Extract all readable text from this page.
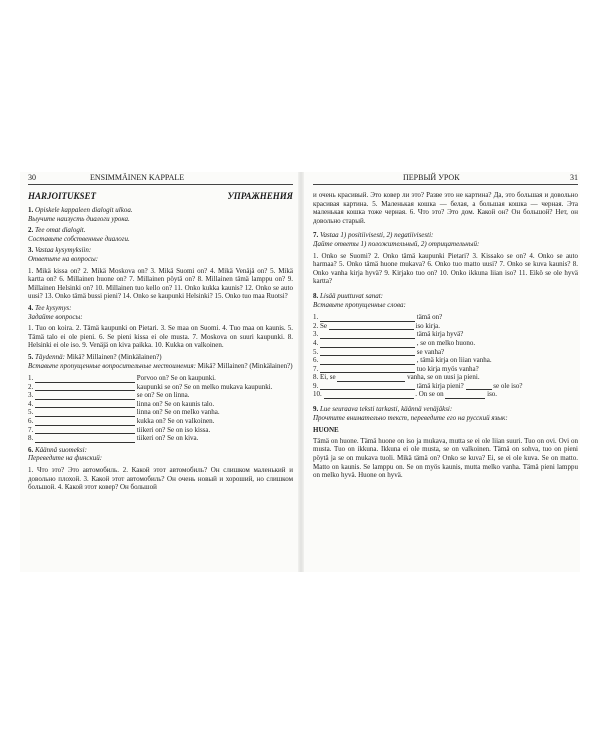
30	ENSIMMÄINEN KAPPALE
HARJOITUKSET	УПРАЖНЕНИЯ
1. Opiskele kappaleen dialogit ulkoa.
Выучите наизусть диалоги урока.
2. Tee omat dialogit.
Составьте собственные диалоги.
3. Vastaa kysymyksiin:
Ответьте на вопросы:
1. Mikä kissa on? 2. Mikä Moskova on? 3. Mikä Suomi on? 4. Mikä Venäjä on? 5. Mikä kartta on? 6. Millainen huone on? 7. Millainen pöytä on? 8. Millainen tämä lamppu on? 9. Millainen Helsinki on? 10. Millainen tuo kello on? 11. Onko kukka kaunis? 12. Onko se auto uusi? 13. Onko tämä bussi pieni? 14. Onko se kaupunki Helsinki? 15. Onko tuo maa Ruotsi?
4. Tee kysymys:
Задайте вопросы:
1. Tuo on koira. 2. Tämä kaupunki on Pietari. 3. Se maa on Suomi. 4. Tuo maa on kaunis. 5. Tämä talo ei ole pieni. 6. Se pieni kissa ei ole musta. 7. Moskova on suuri kaupunki. 8. Helsinki ei ole iso. 9. Venäjä on kiva paikka. 10. Kukka on valkoinen.
5. Täydennä: Mikä? Millainen? (Minkälainen?)
Вставьте пропущенные вопросительные местоимения: Mikä? Millainen? (Minkälainen?)
1.	Porvoo on? Se on kaupunki.
2.	kaupunki se on? Se on melko mukava kaupunki.
3.	se on? Se on linna.
4.	linna on? Se on kaunis talo.
5.	linna on? Se on melko vanha.
6.	kukka on? Se on valkoinen.
7.	tiikeri on? Se on iso kissa.
8.	tiikeri on? Se on kiva.
6. Käännä suomeksi:
Переведите на финский:
1. Что это? Это автомобиль. 2. Какой этот автомобиль? Он слишком маленький и довольно плохой. 3. Какой этот автомобиль? Он очень новый и хороший, но слишком большой. 4. Какой этот ковер? Он большой
ПЕРВЫЙ УРОК	31
и очень красивый. Это ковер ли это? Разве это не картина? Да, это большая и довольно красивая картина. 5. Маленькая кошка — белая, а большая кошка — черная. Эта маленькая кошка тоже черная. 6. Что это? Это дом. Какой он? Он большой? Нет, он довольно старый.
7. Vastaa 1) positiivisesti, 2) negatiivisesti:
Дайте ответы 1) положительный, 2) отрицательный:
1. Onko se Suomi? 2. Onko tämä kaupunki Pietari? 3. Kissako se on? 4. Onko se auto harmaa? 5. Onko tämä huone mukava? 6. Onko tuo matto uusi? 7. Onko se kuva kaunis? 8. Onko vanha kirja hyvä? 9. Kirjako tuo on? 10. Onko ikkuna liian iso? 11. Eikö se ole hyvä kartta?
8. Lisää puuttuvat sanat:
Вставьте пропущенные слова:
1.	tämä on?
2. Se	iso kirja.
3.	tämä kirja hyvä?
4.	, se on melko huono.
5.	se vanha?
6.	, tämä kirja on liian vanha.
7.	tuo kirja myös vanha?
8. Ei, se	vanha, se on uusi ja pieni.
9.	tämä kirja pieni?	se ole iso?
10.	. On se on	iso.
9. Lue seuraava teksti tarkasti, käännä venäjäksi:
Прочтите внимательно текст, переведите его на русский язык:
HUONE
Tämä on huone. Tämä huone on iso ja mukava, mutta se ei ole liian suuri. Tuo on ovi. Ovi on musta. Tuo on ikkuna. Ikkuna ei ole musta, se on valkoinen. Tämä on sohva, tuo on pieni pöytä ja se on mukava tuoli. Mikä tämä on? Onko se kuva? Ei, se ei ole kuva. Se on matto. Matto on kaunis. Se lamppu on. Se on myös kaunis, mutta melko vanha. Tämä pieni lamppu on melko hyvä. Huone on hyvä.
